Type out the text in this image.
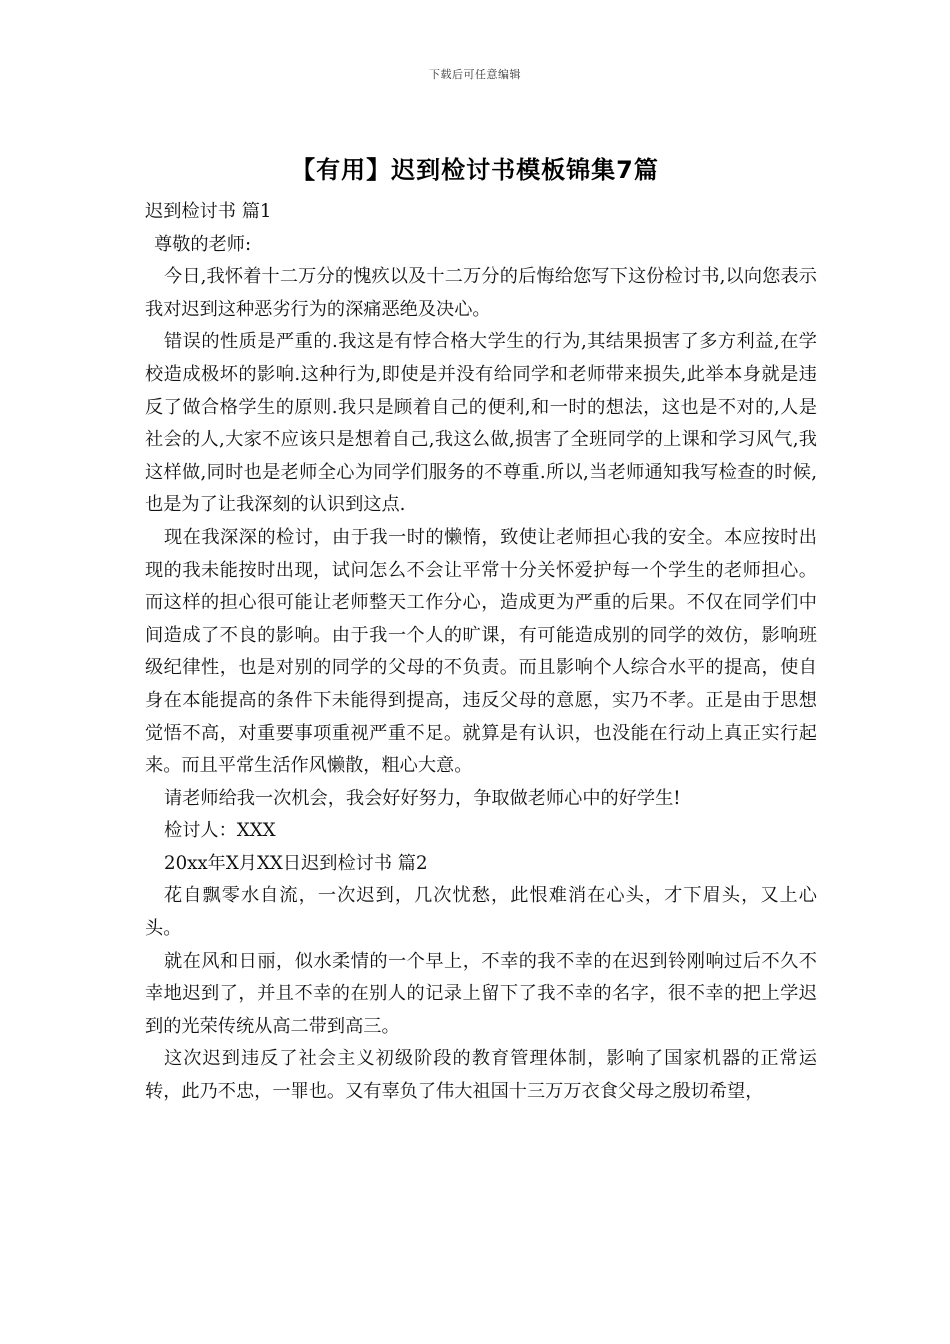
下载后可任意编辑
【有用】迟到检讨书模板锦集7篇

迟到检讨书 篇1

尊敬的老师:

今日,我怀着十二万分的愧疚以及十二万分的后悔给您写下这份检讨书,以向您表示我对迟到这种恶劣行为的深痛恶绝及决心。

错误的性质是严重的.我这是有悖合格大学生的行为,其结果损害了多方利益,在学校造成极坏的影响.这种行为,即使是并没有给同学和老师带来损失,此举本身就是违反了做合格学生的原则.我只是顾着自己的便利,和一时的想法，这也是不对的,人是社会的人,大家不应该只是想着自己,我这么做,损害了全班同学的上课和学习风气,我这样做,同时也是老师全心为同学们服务的不尊重.所以,当老师通知我写检查的时候,也是为了让我深刻的认识到这点.

现在我深深的检讨，由于我一时的懒惰，致使让老师担心我的安全。本应按时出现的我未能按时出现，试问怎么不会让平常十分关怀爱护每一个学生的老师担心。而这样的担心很可能让老师整天工作分心，造成更为严重的后果。不仅在同学们中间造成了不良的影响。由于我一个人的旷课，有可能造成别的同学的效仿，影响班级纪律性，也是对别的同学的父母的不负责。而且影响个人综合水平的提高，使自身在本能提高的条件下未能得到提高，违反父母的意愿，实乃不孝。正是由于思想觉悟不高，对重要事项重视严重不足。就算是有认识，也没能在行动上真正实行起来。而且平常生活作风懒散，粗心大意。

请老师给我一次机会，我会好好努力，争取做老师心中的好学生!

检讨人：XXX

20xx年X月XX日迟到检讨书 篇2

花自飘零水自流，一次迟到，几次忧愁，此恨难消在心头，才下眉头，又上心头。

就在风和日丽，似水柔情的一个早上，不幸的我不幸的在迟到铃刚响过后不久不幸地迟到了，并且不幸的在别人的记录上留下了我不幸的名字，很不幸的把上学迟到的光荣传统从高二带到高三。

这次迟到违反了社会主义初级阶段的教育管理体制，影响了国家机器的正常运转，此乃不忠，一罪也。又有辜负了伟大祖国十三万万衣食父母之殷切希望，
